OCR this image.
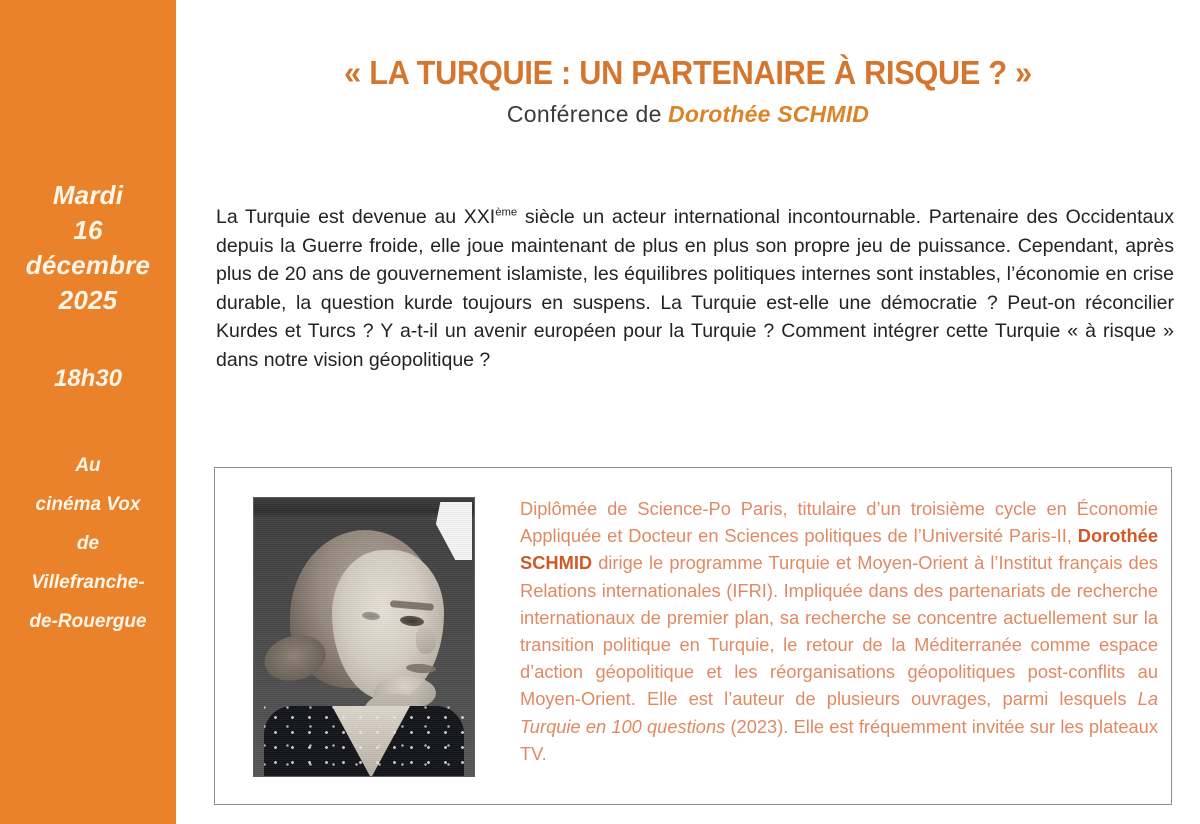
Mardi
16
décembre
2025
18h30
Au
cinéma Vox
de
Villefranche-
de-Rouergue
« LA TURQUIE : UN PARTENAIRE À RISQUE ? »
Conférence de Dorothée SCHMID
La Turquie est devenue au XXIème siècle un acteur international incontournable. Partenaire des Occidentaux depuis la Guerre froide, elle joue maintenant de plus en plus son propre jeu de puissance. Cependant, après plus de 20 ans de gouvernement islamiste, les équilibres politiques internes sont instables, l’économie en crise durable, la question kurde toujours en suspens. La Turquie est-elle une démocratie ? Peut-on réconcilier Kurdes et Turcs ? Y a-t-il un avenir européen pour la Turquie ? Comment intégrer cette Turquie « à risque » dans notre vision géopolitique ?
Diplômée de Science-Po Paris, titulaire d’un troisième cycle en Économie Appliquée et Docteur en Sciences politiques de l’Université Paris-II, Dorothée SCHMID dirige le programme Turquie et Moyen-Orient à l’Institut français des Relations internationales (IFRI). Impliquée dans des partenariats de recherche internationaux de premier plan, sa recherche se concentre actuellement sur la transition politique en Turquie, le retour de la Méditerranée comme espace d’action géopolitique et les réorganisations géopolitiques post-conflits au Moyen-Orient. Elle est l’auteur de plusieurs ouvrages, parmi lesquels La Turquie en 100 questions (2023). Elle est fréquemment invitée sur les plateaux TV.
